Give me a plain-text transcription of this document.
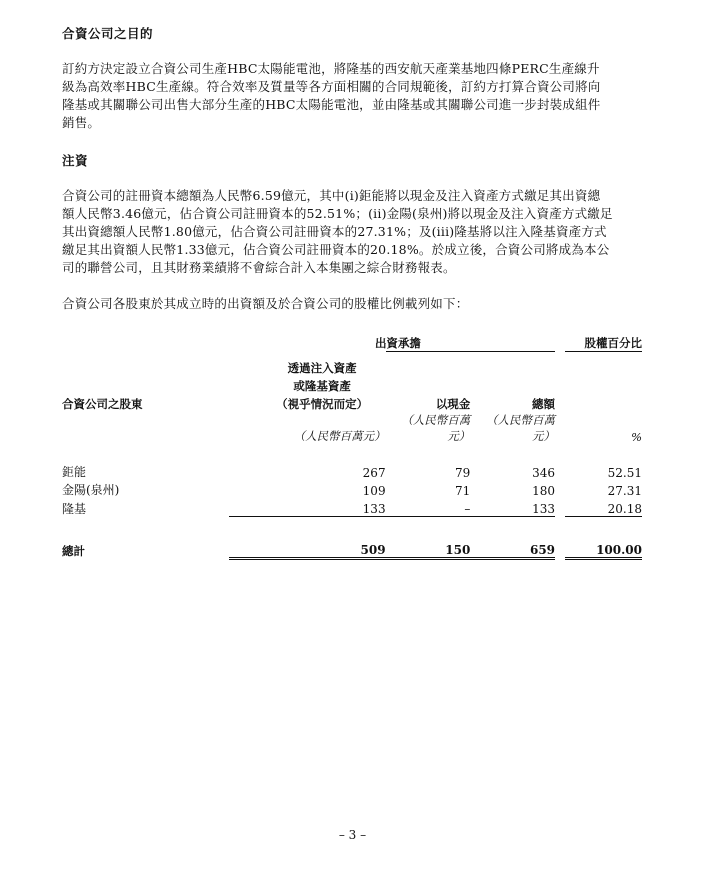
合資公司之目的
訂約方決定設立合資公司生產HBC太陽能電池，將隆基的西安航天產業基地四條PERC生產線升
級為高效率HBC生產線。符合效率及質量等各方面相關的合同規範後，訂約方打算合資公司將向
隆基或其關聯公司出售大部分生產的HBC太陽能電池，並由隆基或其關聯公司進一步封裝成組件
銷售。
注資
合資公司的註冊資本總額為人民幣6.59億元，其中(i)鉅能將以現金及注入資產方式繳足其出資總
額人民幣3.46億元，佔合資公司註冊資本的52.51%；(ii)金陽(泉州)將以現金及注入資產方式繳足
其出資總額人民幣1.80億元，佔合資公司註冊資本的27.31%；及(iii)隆基將以注入隆基資產方式
繳足其出資額人民幣1.33億元，佔合資公司註冊資本的20.18%。於成立後，合資公司將成為本公
司的聯營公司，且其財務業績將不會綜合計入本集團之綜合財務報表。
合資公司各股東於其成立時的出資額及於合資公司的股權比例載列如下：
		出資承擔			股權百分比

	透過注入資產				
	或隆基資產				
合資公司之股東	（視乎情況而定）	以現金	總額		
	（人民幣百萬元）	（人民幣百萬元）	（人民幣百萬元）		%

鉅能	267	79	346		52.51
金陽(泉州)	109	71	180		27.31
隆基	133	–	133		20.18

總計	509	150	659		100.00
– 3 –
